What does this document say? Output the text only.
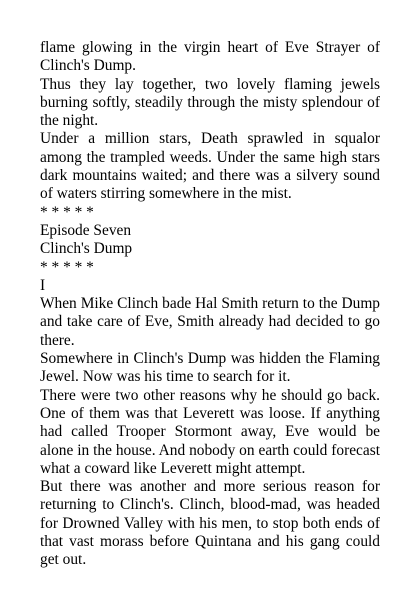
flame glowing in the virgin heart of Eve Strayer of Clinch's Dump.

Thus they lay together, two lovely flaming jewels burning softly, steadily through the misty splendour of the night.

Under a million stars, Death sprawled in squalor among the trampled weeds. Under the same high stars dark mountains waited; and there was a silvery sound of waters stirring somewhere in the mist.

* * * * *
Episode Seven
Clinch's Dump
* * * * *
I

When Mike Clinch bade Hal Smith return to the Dump and take care of Eve, Smith already had decided to go there.

Somewhere in Clinch's Dump was hidden the Flaming Jewel. Now was his time to search for it.

There were two other reasons why he should go back. One of them was that Leverett was loose. If anything had called Trooper Stormont away, Eve would be alone in the house. And nobody on earth could forecast what a coward like Leverett might attempt.

But there was another and more serious reason for returning to Clinch's. Clinch, blood-mad, was headed for Drowned Valley with his men, to stop both ends of that vast morass before Quintana and his gang could get out.
